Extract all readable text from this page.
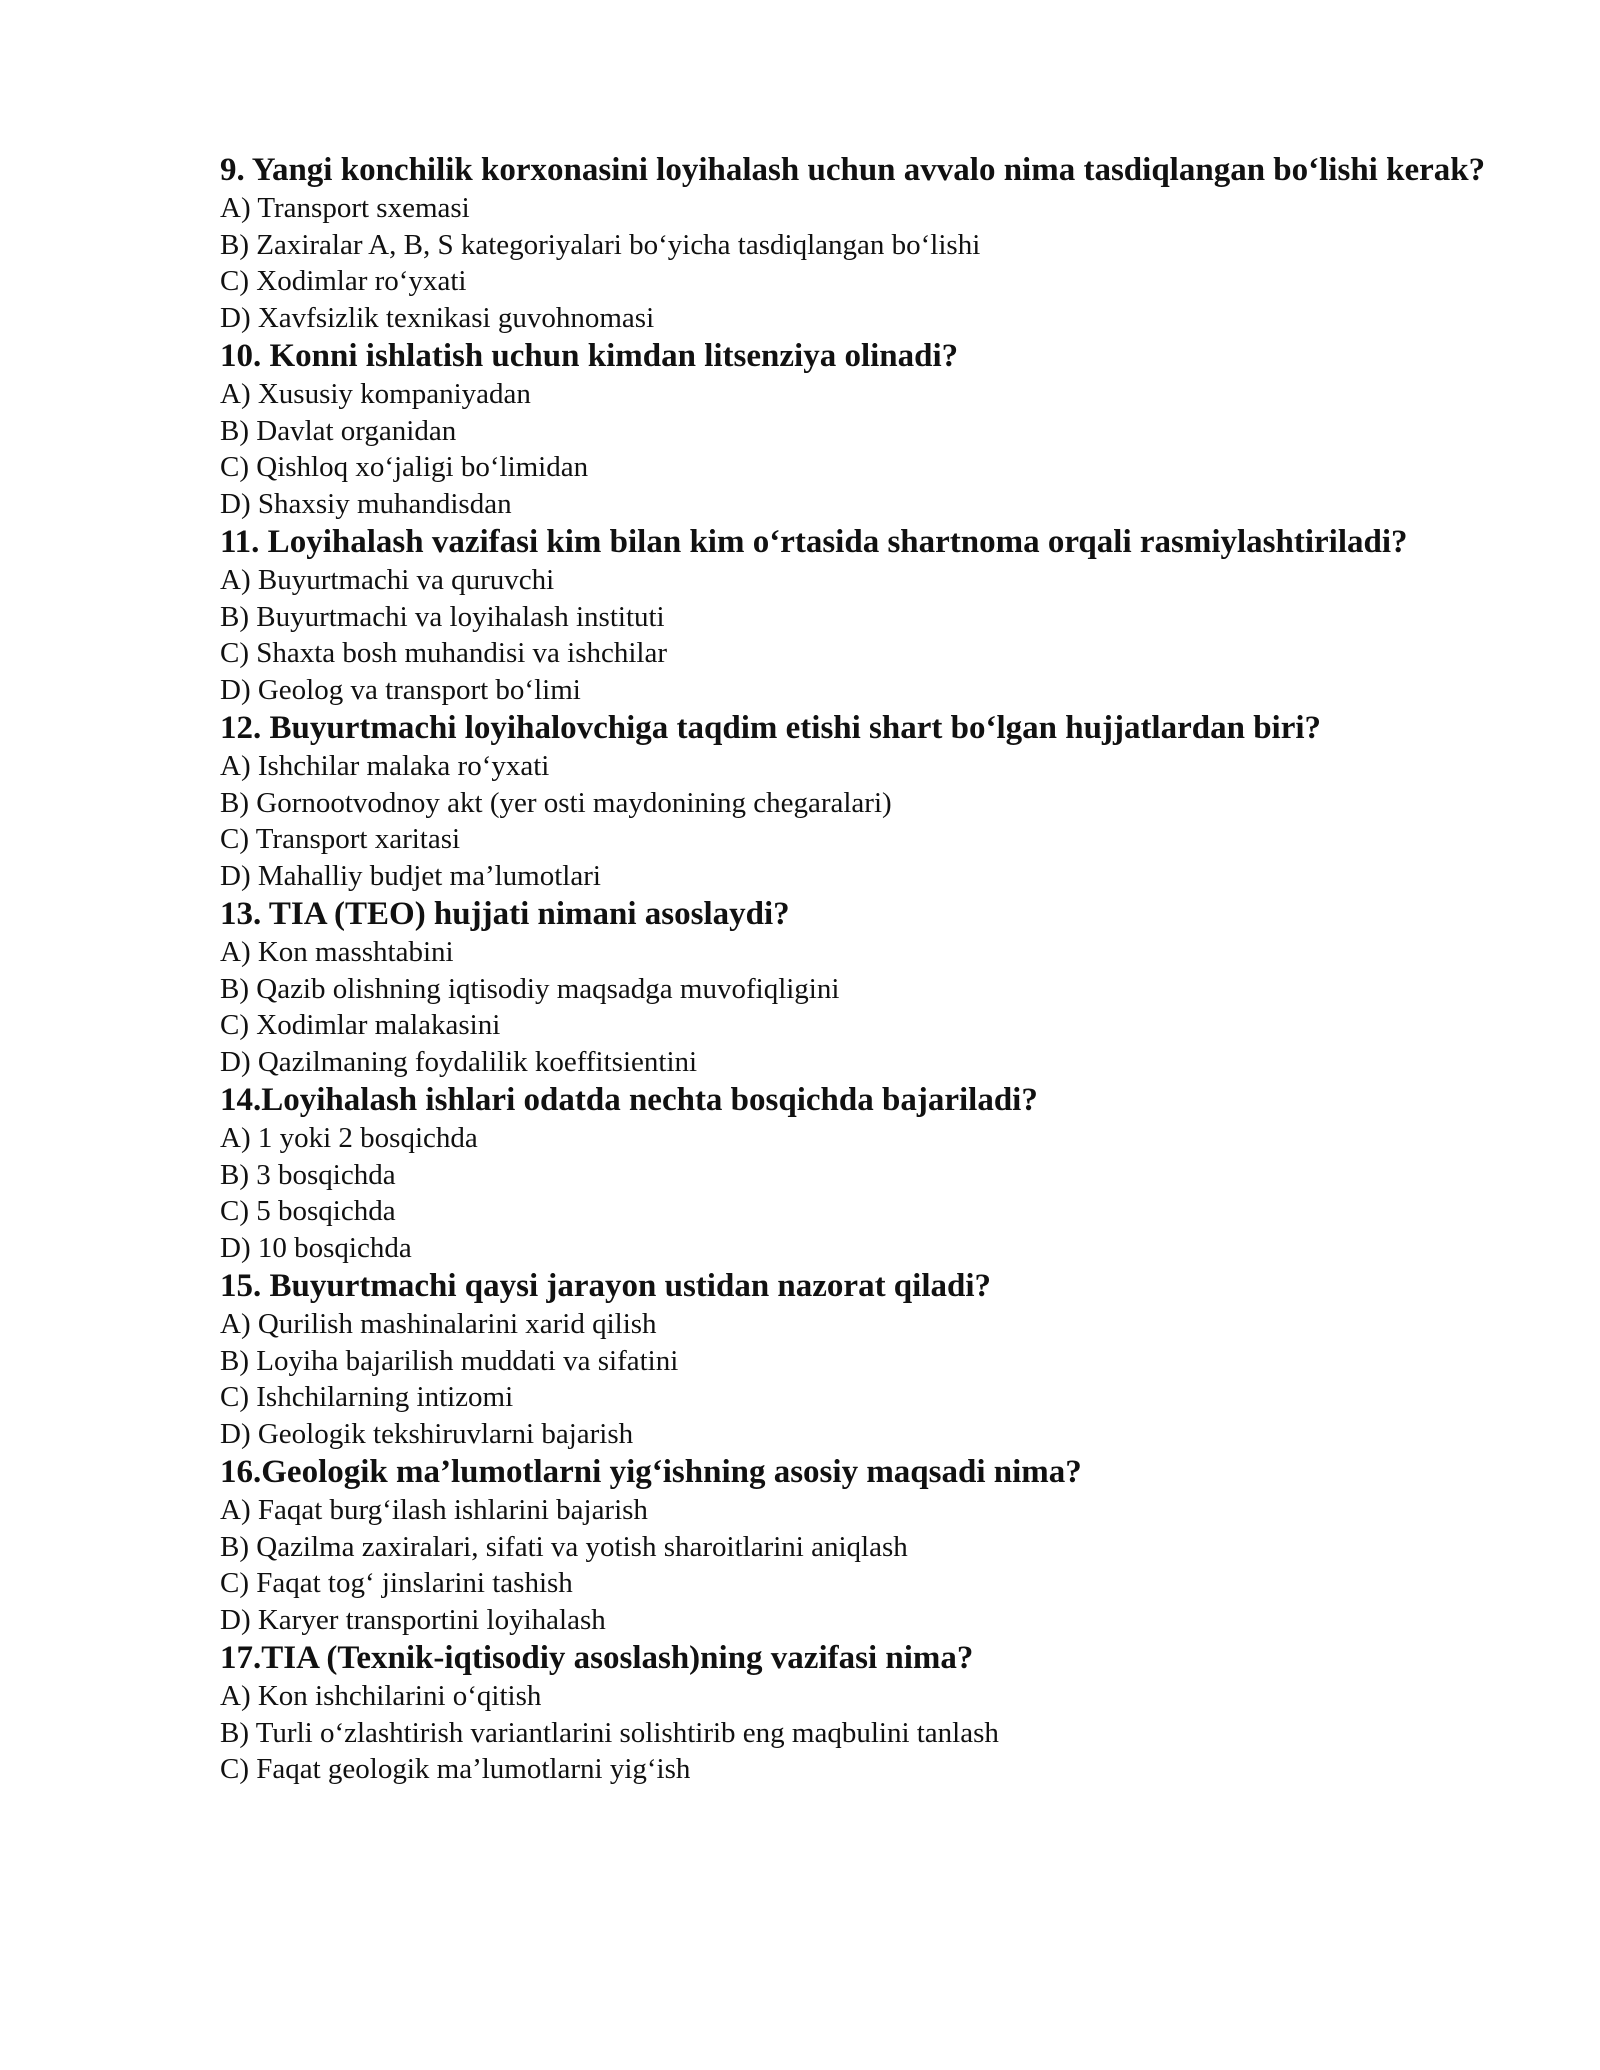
9. Yangi konchilik korxonasini loyihalash uchun avvalo nima tasdiqlangan bo‘lishi kerak?

A) Transport sxemasi

B) Zaxiralar A, B, S kategoriyalari bo‘yicha tasdiqlangan bo‘lishi

C) Xodimlar ro‘yxati

D) Xavfsizlik texnikasi guvohnomasi

10. Konni ishlatish uchun kimdan litsenziya olinadi?

A) Xususiy kompaniyadan

B) Davlat organidan

C) Qishloq xo‘jaligi bo‘limidan

D) Shaxsiy muhandisdan

11. Loyihalash vazifasi kim bilan kim o‘rtasida shartnoma orqali rasmiylashtiriladi?

A) Buyurtmachi va quruvchi

B) Buyurtmachi va loyihalash instituti

C) Shaxta bosh muhandisi va ishchilar

D) Geolog va transport bo‘limi

12. Buyurtmachi loyihalovchiga taqdim etishi shart bo‘lgan hujjatlardan biri?

A) Ishchilar malaka ro‘yxati

B) Gornootvodnoy akt (yer osti maydonining chegaralari)

C) Transport xaritasi

D) Mahalliy budjet ma’lumotlari

13. TIA (TEO) hujjati nimani asoslaydi?

A) Kon masshtabini

B) Qazib olishning iqtisodiy maqsadga muvofiqligini

C) Xodimlar malakasini

D) Qazilmaning foydalilik koeffitsientini

14.Loyihalash ishlari odatda nechta bosqichda bajariladi?

A) 1 yoki 2 bosqichda

B) 3 bosqichda

C) 5 bosqichda

D) 10 bosqichda

15. Buyurtmachi qaysi jarayon ustidan nazorat qiladi?

A) Qurilish mashinalarini xarid qilish

B) Loyiha bajarilish muddati va sifatini

C) Ishchilarning intizomi

D) Geologik tekshiruvlarni bajarish

16.Geologik ma’lumotlarni yig‘ishning asosiy maqsadi nima?

A) Faqat burg‘ilash ishlarini bajarish

B) Qazilma zaxiralari, sifati va yotish sharoitlarini aniqlash

C) Faqat tog‘ jinslarini tashish

D) Karyer transportini loyihalash

17.TIA (Texnik-iqtisodiy asoslash)ning vazifasi nima?

A) Kon ishchilarini o‘qitish

B) Turli o‘zlashtirish variantlarini solishtirib eng maqbulini tanlash

C) Faqat geologik ma’lumotlarni yig‘ish
